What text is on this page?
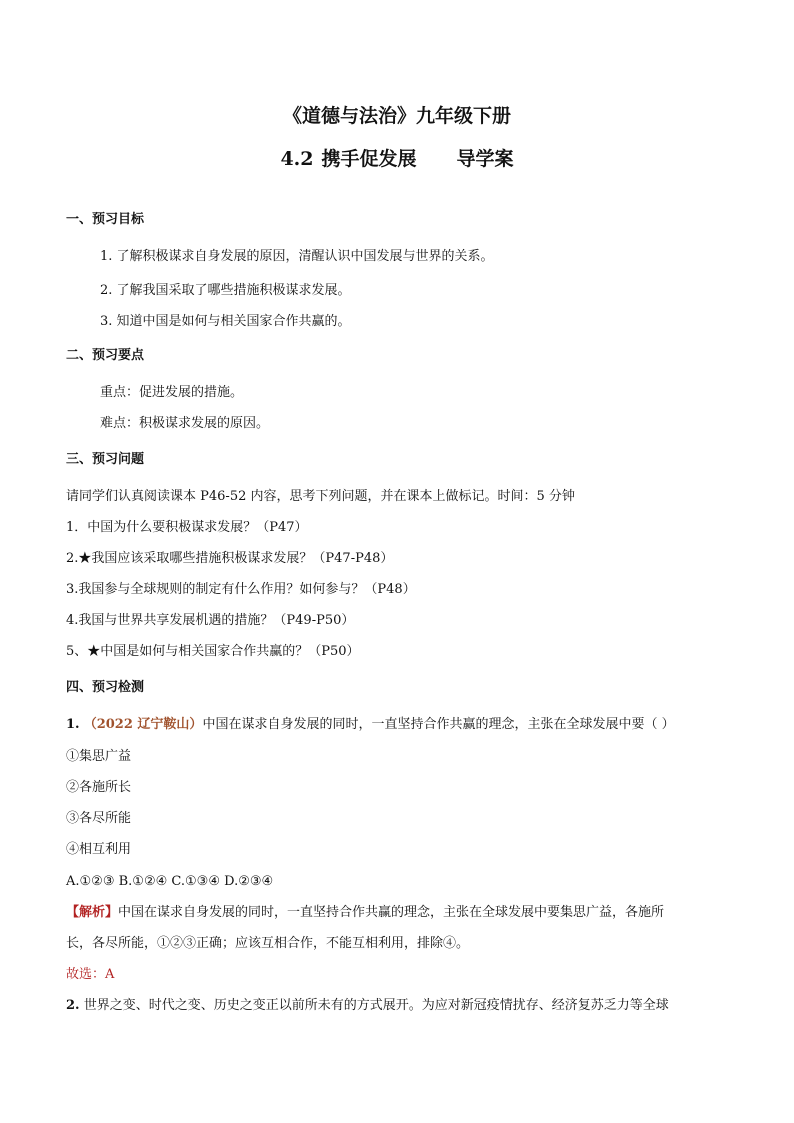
《道德与法治》九年级下册
4.2 携手促发展 导学案
一、预习目标
1. 了解积极谋求自身发展的原因，清醒认识中国发展与世界的关系。
2. 了解我国采取了哪些措施积极谋求发展。
3. 知道中国是如何与相关国家合作共赢的。
二、预习要点
重点：促进发展的措施。
难点：积极谋求发展的原因。
三、预习问题
请同学们认真阅读课本 P46-52 内容，思考下列问题，并在课本上做标记。时间：5 分钟
1．中国为什么要积极谋求发展？（P47）
2.★我国应该采取哪些措施积极谋求发展？（P47-P48）
3.我国参与全球规则的制定有什么作用？如何参与？（P48）
4.我国与世界共享发展机遇的措施？（P49-P50）
5、★中国是如何与相关国家合作共赢的？（P50）
四、预习检测
1. （2022 辽宁鞍山）中国在谋求自身发展的同时，一直坚持合作共赢的理念，主张在全球发展中要（ ）
①集思广益
②各施所长
③各尽所能
④相互利用
A.①②③ B.①②④ C.①③④ D.②③④
【解析】中国在谋求自身发展的同时，一直坚持合作共赢的理念，主张在全球发展中要集思广益，各施所
长，各尽所能，①②③正确；应该互相合作，不能互相利用，排除④。
故选：A
2. 世界之变、时代之变、历史之变正以前所未有的方式展开。为应对新冠疫情扰存、经济复苏乏力等全球
